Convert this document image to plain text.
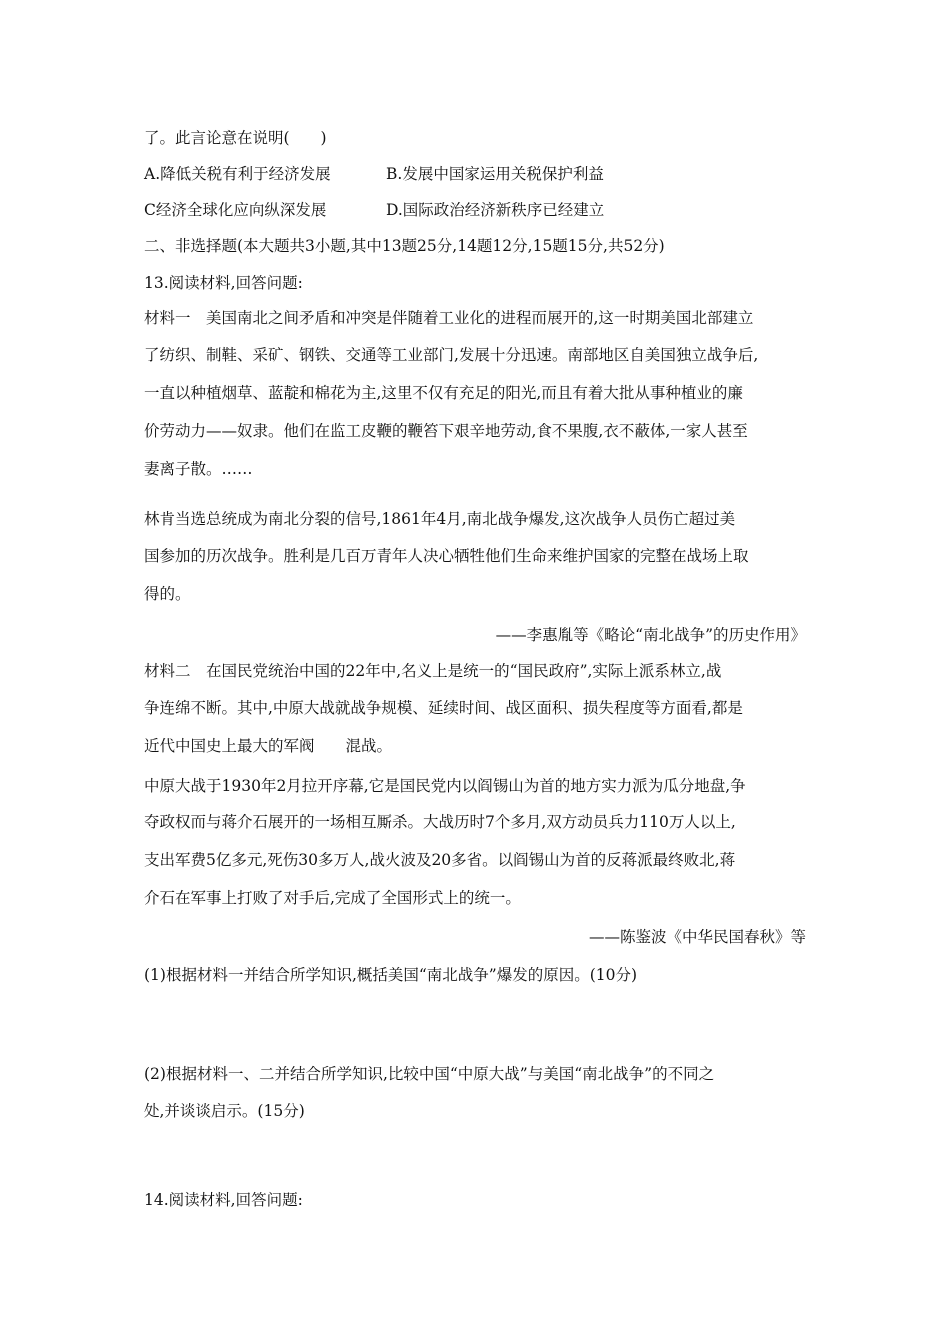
了。此言论意在说明(　　)
A.降低关税有利于经济发展	B.发展中国家运用关税保护利益
C经济全球化应向纵深发展	D.国际政治经济新秩序已经建立
二、非选择题(本大题共3小题,其中13题25分,14题12分,15题15分,共52分)
13.阅读材料,回答问题:
材料一　美国南北之间矛盾和冲突是伴随着工业化的进程而展开的,这一时期美国北部建立
了纺织、制鞋、采矿、钢铁、交通等工业部门,发展十分迅速。南部地区自美国独立战争后,
一直以种植烟草、蓝靛和棉花为主,这里不仅有充足的阳光,而且有着大批从事种植业的廉
价劳动力——奴隶。他们在监工皮鞭的鞭笞下艰辛地劳动,食不果腹,衣不蔽体,一家人甚至
妻离子散。……
林肯当选总统成为南北分裂的信号,1861年4月,南北战争爆发,这次战争人员伤亡超过美
国参加的历次战争。胜利是几百万青年人决心牺牲他们生命来维护国家的完整在战场上取
得的。
——李惠胤等《略论“南北战争”的历史作用》
材料二　在国民党统治中国的22年中,名义上是统一的“国民政府”,实际上派系林立,战
争连绵不断。其中,中原大战就战争规模、延续时间、战区面积、损失程度等方面看,都是
近代中国史上最大的军阀　　混战。
中原大战于1930年2月拉开序幕,它是国民党内以阎锡山为首的地方实力派为瓜分地盘,争
夺政权而与蒋介石展开的一场相互厮杀。大战历时7个多月,双方动员兵力110万人以上,
支出军费5亿多元,死伤30多万人,战火波及20多省。以阎锡山为首的反蒋派最终败北,蒋
介石在军事上打败了对手后,完成了全国形式上的统一。
——陈鉴波《中华民国春秋》等
(1)根据材料一并结合所学知识,概括美国“南北战争”爆发的原因。(10分)
(2)根据材料一、二并结合所学知识,比较中国“中原大战”与美国“南北战争”的不同之
处,并谈谈启示。(15分)
14.阅读材料,回答问题:
